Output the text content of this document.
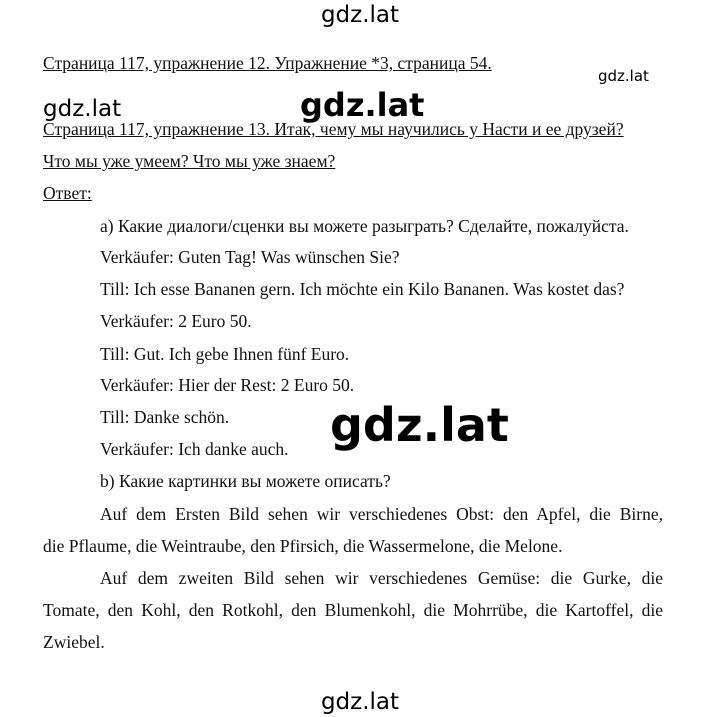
gdz.lat
Страница 117, упражнение 12. Упражнение *3, страница 54.
gdz.lat
Страница 117, упражнение 13. Итак, чему мы научились у Насти и ее друзей?
gdz.lat	gdz.lat
Что мы уже умеем? Что мы уже знаем?
Ответ:
а) Какие диалоги/сценки вы можете разыграть? Сделайте, пожалуйста.
Verkäufer: Guten Tag! Was wünschen Sie?
Till: Ich esse Bananen gern. Ich möchte ein Kilo Bananen. Was kostet das?
Verkäufer: 2 Euro 50.
Till: Gut. Ich gebe Ihnen fünf Euro.
Verkäufer: Hier der Rest: 2 Euro 50.
Till: Danke schön.
Verkäufer: Ich danke auch.
b) Какие картинки вы можете описать?
Auf dem Ersten Bild sehen wir verschiedenes Obst: den Apfel, die Birne,
die Pflaume, die Weintraube, den Pfirsich, die Wassermelone, die Melone.
Auf dem zweiten Bild sehen wir verschiedenes Gemüse: die Gurke, die
Tomate, den Kohl, den Rotkohl, den Blumenkohl, die Mohrrübe, die Kartoffel, die
Zwiebel.
gdz.lat
gdz.lat
